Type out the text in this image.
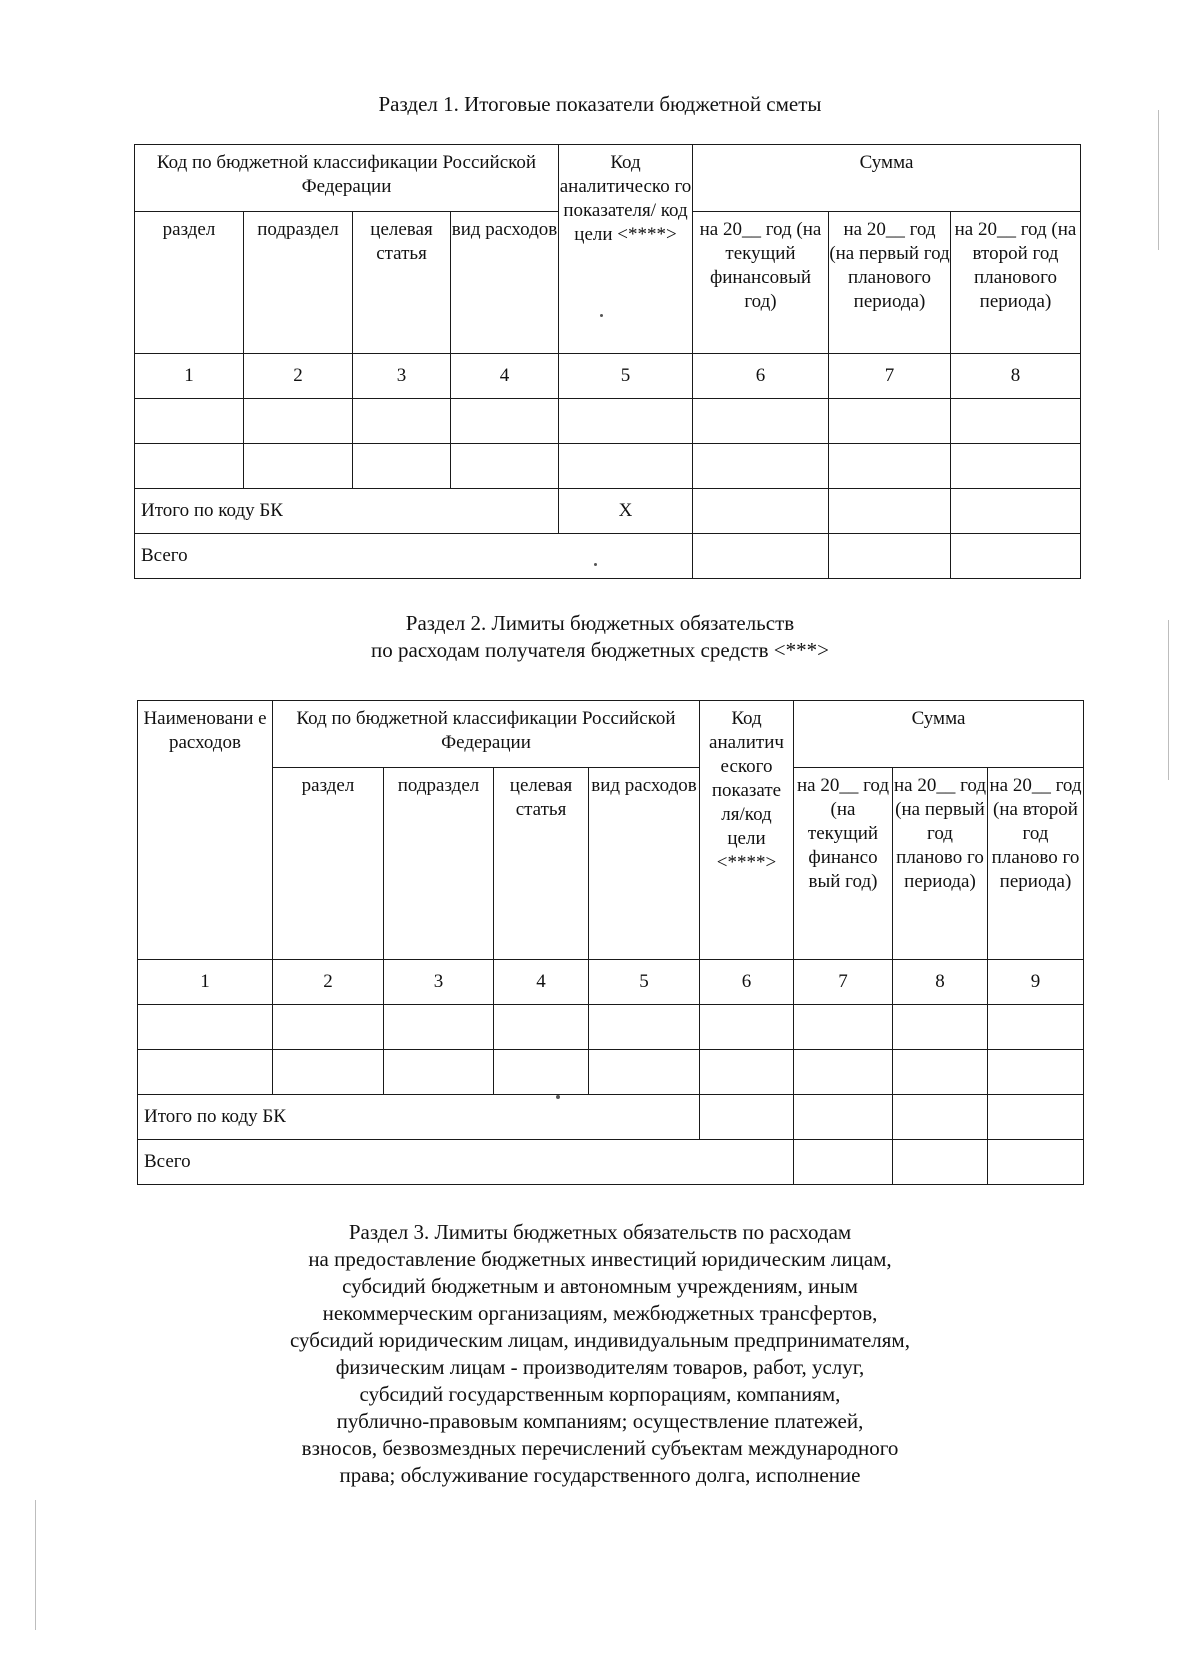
Раздел 1. Итоговые показатели бюджетной сметы
Код по бюджетной классификации Российской Федерации				Код аналитическо го показателя/ код цели <****>	Сумма		
раздел	подраздел	целевая статья	вид расходов		на 20__ год (на текущий финансовый год)	на 20__ год (на первый год планового периода)	на 20__ год (на второй год планового периода)
1	2	3	4	5	6	7	8

Итого по коду БК				X			
Всего							
Раздел 2. Лимиты бюджетных обязательств
по расходам получателя бюджетных средств <***>
Наименовани е расходов	Код по бюджетной классификации Российской Федерации				Код аналитич еского показате ля/код цели <****>	Сумма		
	раздел	подраздел	целевая статья	вид расходов		на 20__ год (на текущий финансо вый год)	на 20__ год (на первый год планово го периода)	на 20__ год (на второй год планово го периода)
1	2	3	4	5	6	7	8	9

Итого по коду БК								
Всего								
Раздел 3. Лимиты бюджетных обязательств по расходам
на предоставление бюджетных инвестиций юридическим лицам,
субсидий бюджетным и автономным учреждениям, иным
некоммерческим организациям, межбюджетных трансфертов,
субсидий юридическим лицам, индивидуальным предпринимателям,
физическим лицам - производителям товаров, работ, услуг,
субсидий государственным корпорациям, компаниям,
публично-правовым компаниям; осуществление платежей,
взносов, безвозмездных перечислений субъектам международного
права; обслуживание государственного долга, исполнение
